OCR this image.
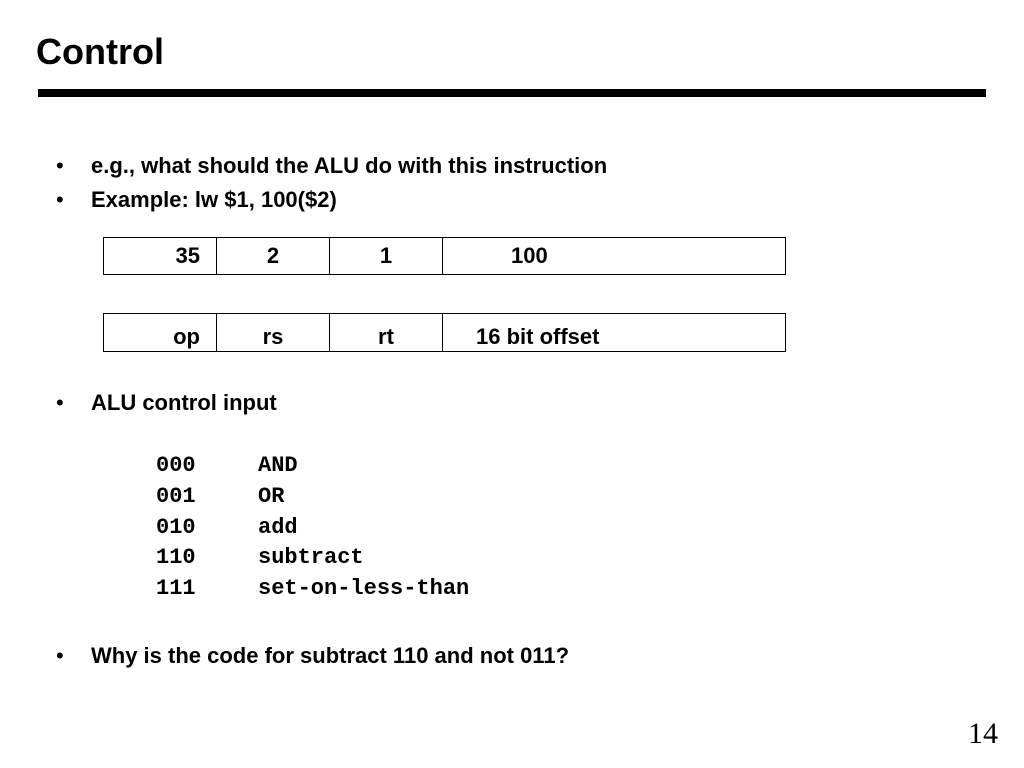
Control
• e.g., what should the ALU do with this instruction
• Example: lw $1, 100($2)
35	2	1	100
op	rs	rt	16 bit offset
• ALU control input
000	AND
001	OR
010	add
110	subtract
111	set-on-less-than
• Why is the code for subtract 110 and not 011?
14
